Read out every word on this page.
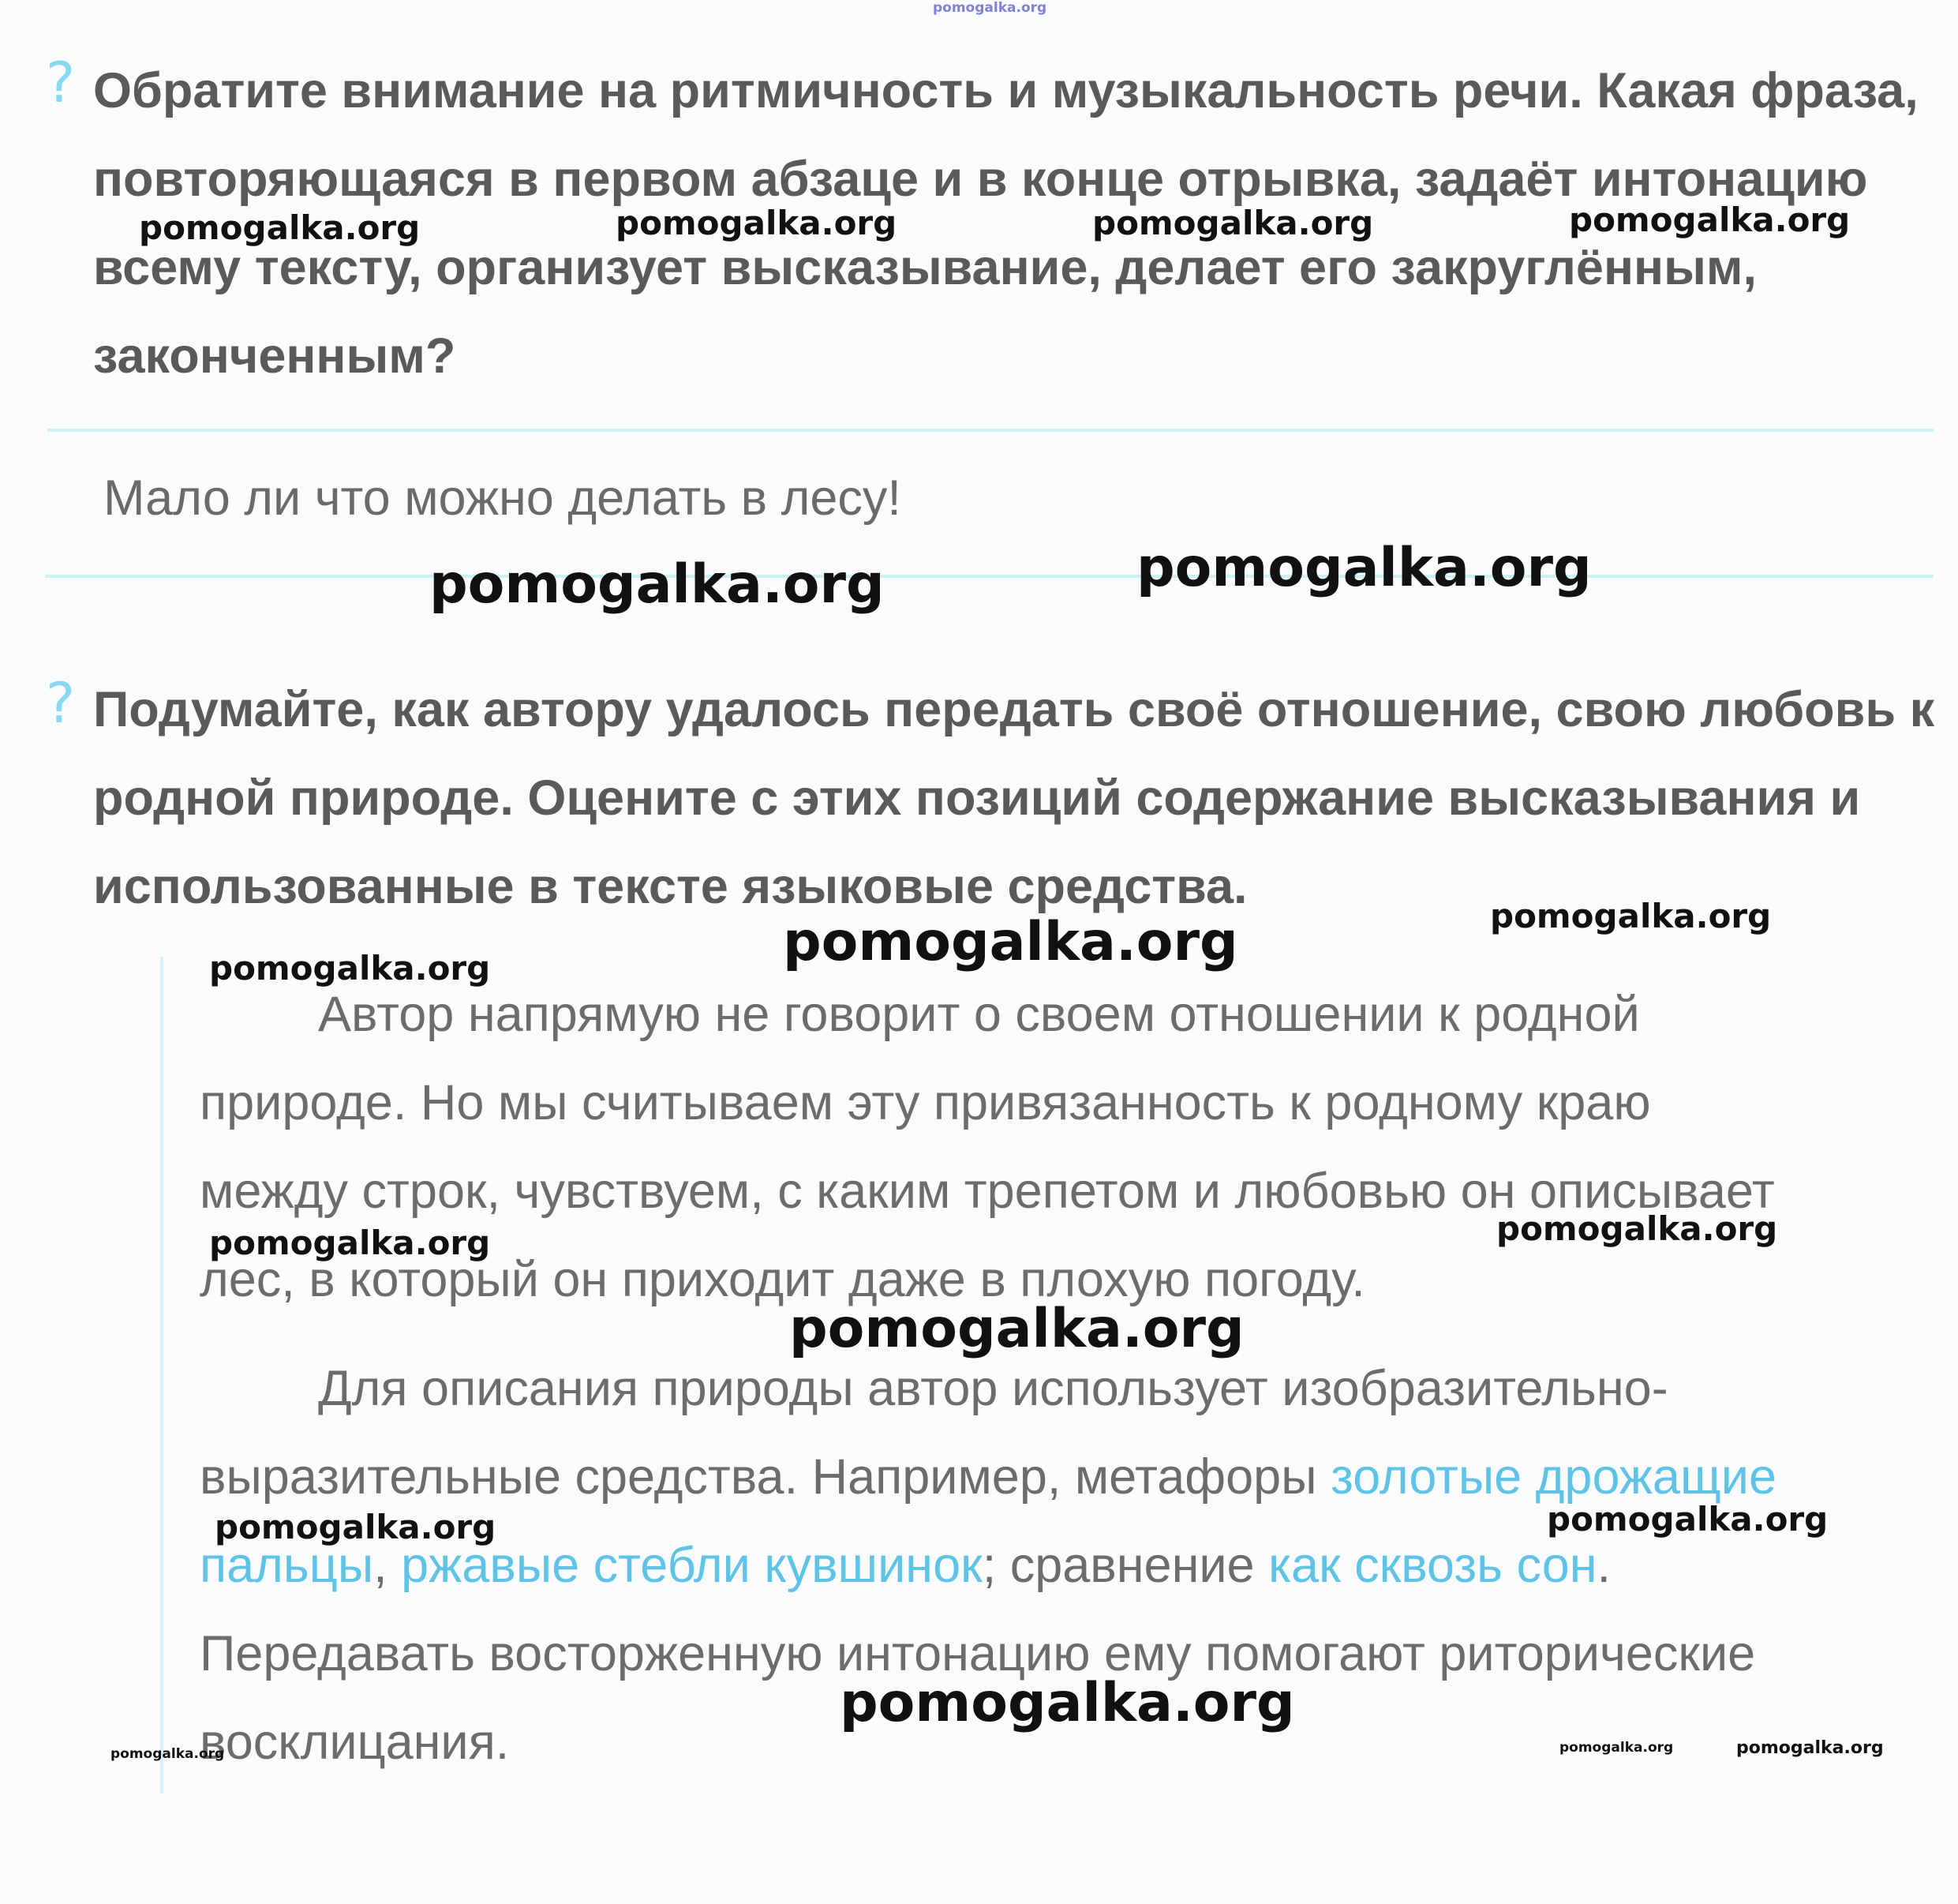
pomogalka.org
? Обратите внимание на ритмичность и музыкальность речи. Какая фраза,
повторяющаяся в первом абзаце и в конце отрывка, задаёт интонацию
всему тексту, организует высказывание, делает его закруглённым,
законченным?
Мало ли что можно делать в лесу!
? Подумайте, как автору удалось передать своё отношение, свою любовь к
родной природе. Оцените с этих позиций содержание высказывания и
использованные в тексте языковые средства.
Автор напрямую не говорит о своем отношении к родной
природе. Но мы считываем эту привязанность к родному краю
между строк, чувствуем, с каким трепетом и любовью он описывает
лес, в который он приходит даже в плохую погоду.
Для описания природы автор использует изобразительно-
выразительные средства. Например, метафоры золотые дрожащие
пальцы, ржавые стебли кувшинок; сравнение как сквозь сон.
Передавать восторженную интонацию ему помогают риторические
восклицания.
pomogalka.org	pomogalka.org	pomogalka.org	pomogalka.org
pomogalka.org	pomogalka.org
pomogalka.org	pomogalka.org
pomogalka.org
pomogalka.org	pomogalka.org
pomogalka.org
pomogalka.org	pomogalka.org
pomogalka.org
pomogalka.org	pomogalka.org	pomogalka.org
